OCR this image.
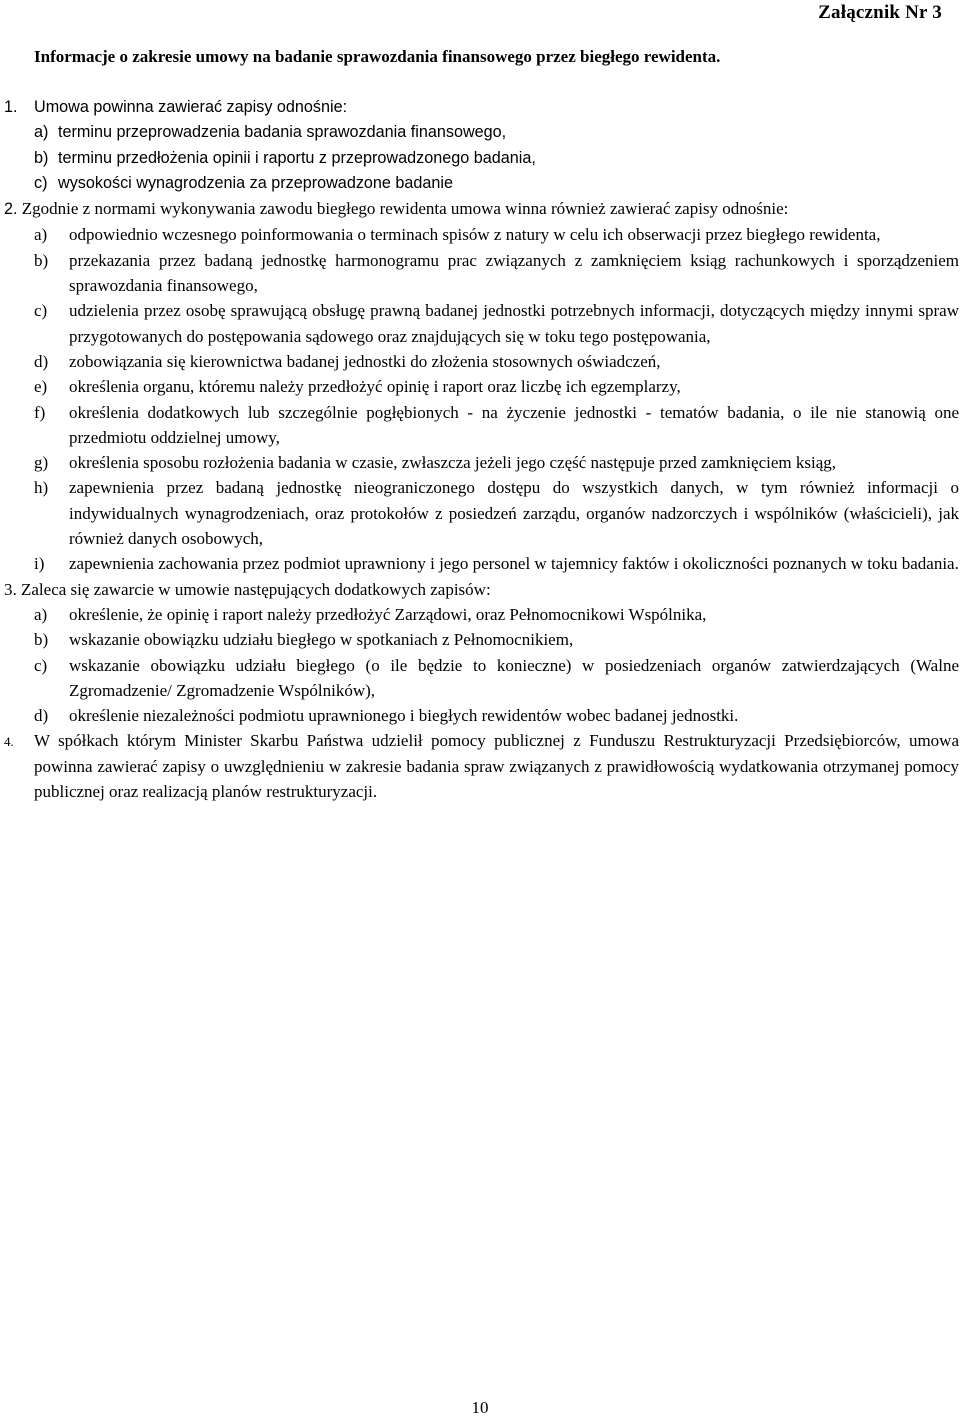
Załącznik Nr 3
Informacje o zakresie umowy na badanie sprawozdania finansowego przez biegłego rewidenta.
1.	Umowa powinna zawierać zapisy odnośnie:
a) terminu przeprowadzenia badania sprawozdania finansowego,
b) terminu przedłożenia opinii i raportu z przeprowadzonego badania,
c) wysokości wynagrodzenia za przeprowadzone badanie
2. Zgodnie z normami wykonywania zawodu biegłego rewidenta umowa winna również zawierać zapisy odnośnie:
a)	odpowiednio wczesnego poinformowania o terminach spisów z natury w celu ich obserwacji przez biegłego rewidenta,
b)	przekazania przez badaną jednostkę harmonogramu prac związanych z zamknięciem ksiąg rachunkowych i sporządzeniem sprawozdania finansowego,
c)	udzielenia przez osobę sprawującą obsługę prawną badanej jednostki potrzebnych informacji, dotyczących między innymi spraw przygotowanych do postępowania sądowego oraz znajdujących się w toku tego postępowania,
d)	zobowiązania się kierownictwa badanej jednostki do złożenia stosownych oświadczeń,
e)	określenia organu, któremu należy przedłożyć opinię i raport oraz liczbę ich egzemplarzy,
f)	określenia dodatkowych lub szczególnie pogłębionych - na życzenie jednostki - tematów badania, o ile nie stanowią one przedmiotu oddzielnej umowy,
g)	określenia sposobu rozłożenia badania w czasie, zwłaszcza jeżeli jego część następuje przed zamknięciem ksiąg,
h)	zapewnienia przez badaną jednostkę nieograniczonego dostępu do wszystkich danych, w tym również informacji o indywidualnych wynagrodzeniach, oraz protokołów z posiedzeń zarządu, organów nadzorczych i wspólników (właścicieli), jak również danych osobowych,
i)	zapewnienia zachowania przez podmiot uprawniony i jego personel w tajemnicy faktów i okoliczności poznanych w toku badania.
3. Zaleca się zawarcie w umowie następujących dodatkowych zapisów:
a)	określenie, że opinię i raport należy przedłożyć Zarządowi, oraz Pełnomocnikowi Wspólnika,
b)	wskazanie obowiązku udziału biegłego w spotkaniach z Pełnomocnikiem,
c)	wskazanie obowiązku udziału biegłego (o ile będzie to konieczne) w posiedzeniach organów zatwierdzających (Walne Zgromadzenie/ Zgromadzenie Wspólników),
d)	określenie niezależności podmiotu uprawnionego i biegłych rewidentów wobec badanej jednostki.
4.	W spółkach którym Minister Skarbu Państwa udzielił pomocy publicznej z Funduszu Restrukturyzacji Przedsiębiorców, umowa powinna zawierać zapisy o uwzględnieniu w zakresie badania spraw związanych z prawidłowością wydatkowania otrzymanej pomocy publicznej oraz realizacją planów restrukturyzacji.
10
